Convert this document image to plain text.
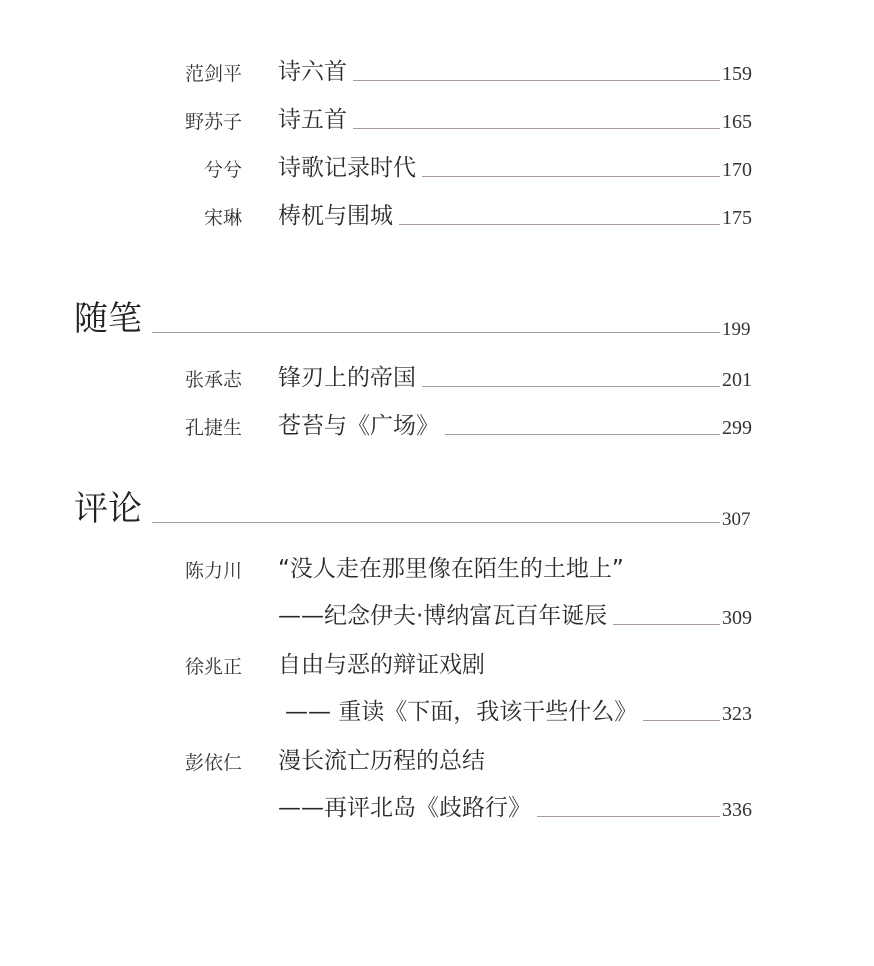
范剑平 诗六首	159
野苏子 诗五首	165
兮兮 诗歌记录时代	170
宋琳 梼杌与围城	175
随笔	199
张承志 锋刃上的帝国	201
孔捷生 苍苔与《广场》	299
评论	307
陈力川 “没人走在那里像在陌生的土地上”
——纪念伊夫·博纳富瓦百年诞辰	309
徐兆正 自由与恶的辩证戏剧
—— 重读《下面，我该干些什么》	323
彭依仁 漫长流亡历程的总结
——再评北岛《歧路行》	336
